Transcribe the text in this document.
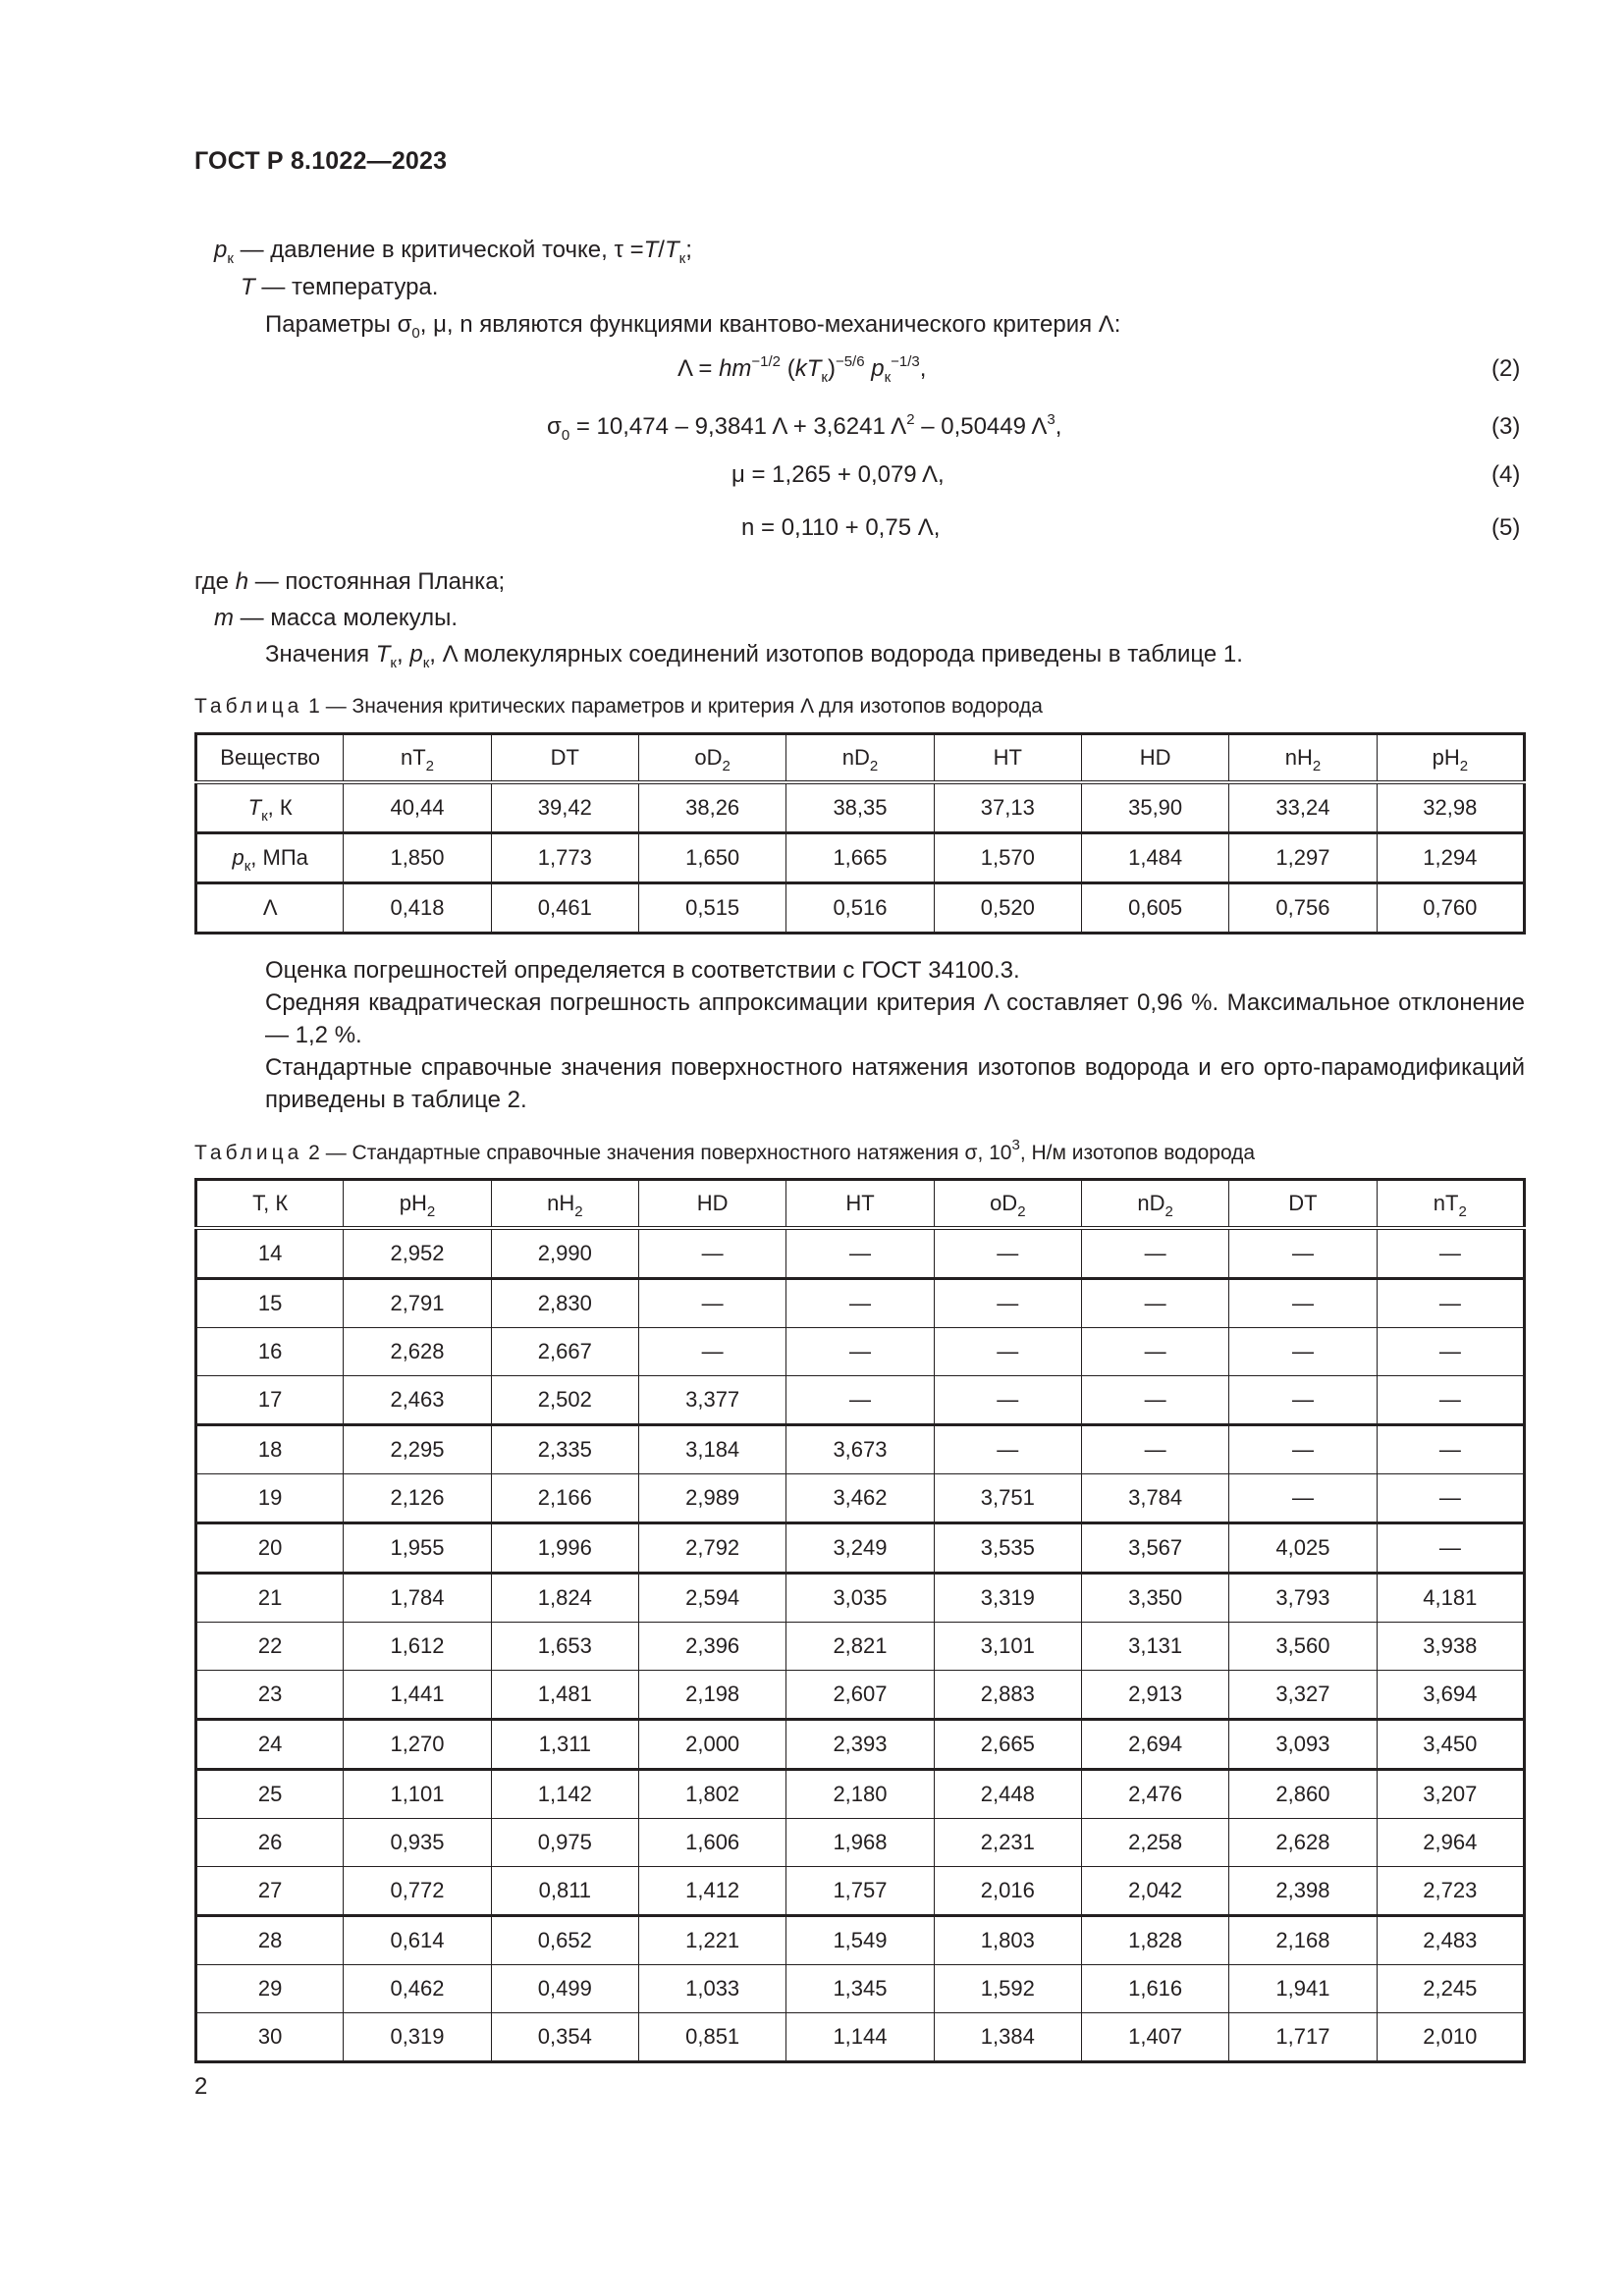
ГОСТ Р 8.1022—2023
$p_к$ — давление в критической точке, $\tau =T/T_к$;
T — температура.
Параметры $\sigma_0$, μ, n являются функциями квантово-механического критерия Λ:
$\Lambda = hm^{-1/2}$ $(kT_к)^{-5/6}$ $p_к^{-1/3}$,	(2)
$\sigma_0 = 10,474 - 9,3841$ Λ + 3,6241 $\Lambda^2 - 0,50449$ $\Lambda^3$,	(3)
μ = 1,265 + 0,079 Λ,	(4)
n = 0,110 + 0,75 Λ,	(5)
где h — постоянная Планка;
m — масса молекулы.
Значения $T_к$, $p_к$, Λ молекулярных соединений изотопов водорода приведены в таблице 1.
Таблица 1 — Значения критических параметров и критерия Λ для изотопов водорода
Вещество	$nT_2$	DT	$oD_2$	$nD_2$	HT	HD	$nH_2$	$pH_2$
$T_к$, К	40,44	39,42	38,26	38,35	37,13	35,90	33,24	32,98
$p_к$, МПа	1,850	1,773	1,650	1,665	1,570	1,484	1,297	1,294
Λ	0,418	0,461	0,515	0,516	0,520	0,605	0,756	0,760
Оценка погрешностей определяется в соответствии с ГОСТ 34100.3.
Средняя квадратическая погрешность аппроксимации критерия Λ составляет 0,96 %. Максимальное отклонение — 1,2 %.
Стандартные справочные значения поверхностного натяжения изотопов водорода и его орто-парамодификаций приведены в таблице 2.
Таблица 2 — Стандартные справочные значения поверхностного натяжения σ, $10^3$, Н/м изотопов водорода
T, К	$pH_2$	$nH_2$	HD	HT	$oD_2$	$nD_2$	DT	$nT_2$
14	2,952	2,990	—	—	—	—	—	—
15	2,791	2,830	—	—	—	—	—	—
16	2,628	2,667	—	—	—	—	—	—
17	2,463	2,502	3,377	—	—	—	—	—
18	2,295	2,335	3,184	3,673	—	—	—	—
19	2,126	2,166	2,989	3,462	3,751	3,784	—	—
20	1,955	1,996	2,792	3,249	3,535	3,567	4,025	—
21	1,784	1,824	2,594	3,035	3,319	3,350	3,793	4,181
22	1,612	1,653	2,396	2,821	3,101	3,131	3,560	3,938
23	1,441	1,481	2,198	2,607	2,883	2,913	3,327	3,694
24	1,270	1,311	2,000	2,393	2,665	2,694	3,093	3,450
25	1,101	1,142	1,802	2,180	2,448	2,476	2,860	3,207
26	0,935	0,975	1,606	1,968	2,231	2,258	2,628	2,964
27	0,772	0,811	1,412	1,757	2,016	2,042	2,398	2,723
28	0,614	0,652	1,221	1,549	1,803	1,828	2,168	2,483
29	0,462	0,499	1,033	1,345	1,592	1,616	1,941	2,245
30	0,319	0,354	0,851	1,144	1,384	1,407	1,717	2,010
2
